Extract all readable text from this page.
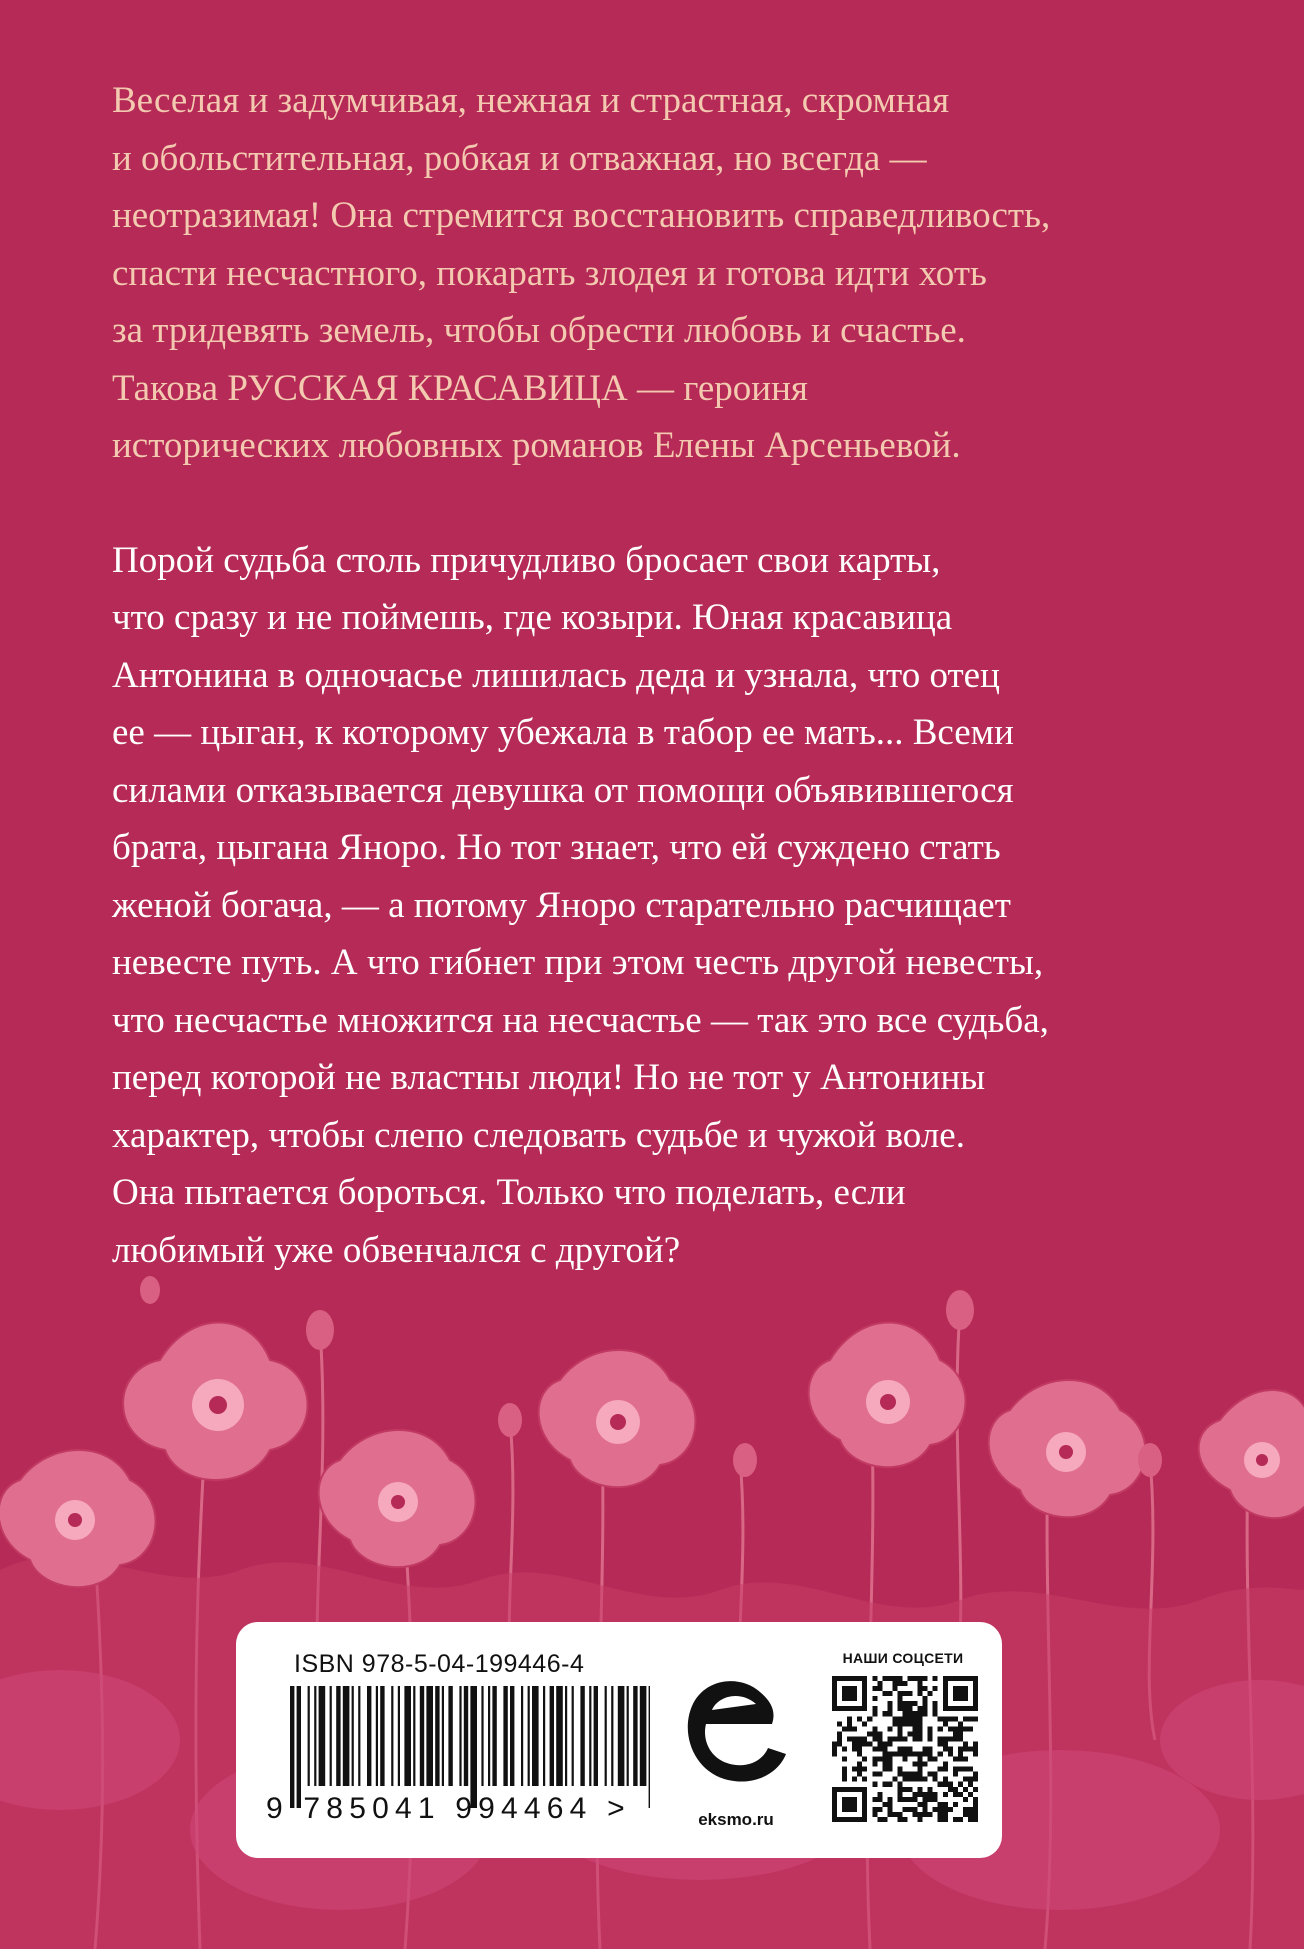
Веселая и задумчивая, нежная и страстная, скромная
и обольстительная, робкая и отважная, но всегда —
неотразимая! Она стремится восстановить справедливость,
спасти несчастного, покарать злодея и готова идти хоть
за тридевять земель, чтобы обрести любовь и счастье.
Такова РУССКАЯ КРАСАВИЦА — героиня
исторических любовных романов Елены Арсеньевой.

Порой судьба столь причудливо бросает свои карты,
что сразу и не поймешь, где козыри. Юная красавица
Антонина в одночасье лишилась деда и узнала, что отец
ее — цыган, к которому убежала в табор ее мать... Всеми
силами отказывается девушка от помощи объявившегося
брата, цыгана Яноро. Но тот знает, что ей суждено стать
женой богача, — а потому Яноро старательно расчищает
невесте путь. А что гибнет при этом честь другой невесты,
что несчастье множится на несчастье — так это все судьба,
перед которой не властны люди! Но не тот у Антонины
характер, чтобы слепо следовать судьбе и чужой воле.
Она пытается бороться. Только что поделать, если
любимый уже обвенчался с другой?

ISBN 978-5-04-199446-4
9 785041 994464 >	eksmo.ru
НАШИ СОЦСЕТИ
